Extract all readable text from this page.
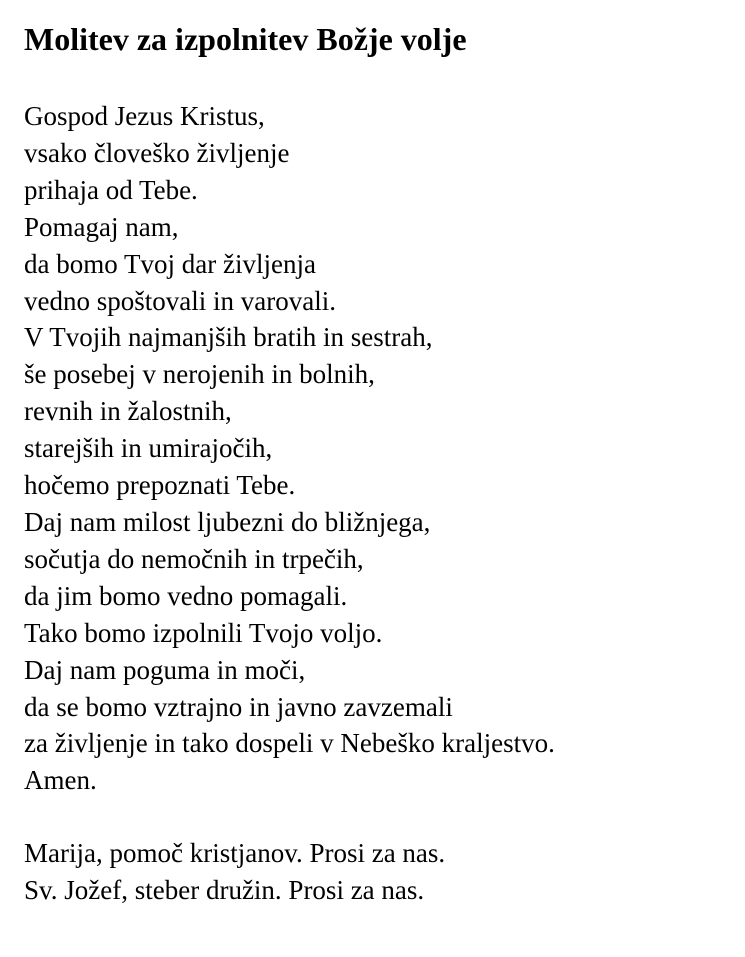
Molitev za izpolnitev Božje volje
Gospod Jezus Kristus,
vsako človeško življenje
prihaja od Tebe.
Pomagaj nam,
da bomo Tvoj dar življenja
vedno spoštovali in varovali.
V Tvojih najmanjših bratih in sestrah,
še posebej v nerojenih in bolnih,
revnih in žalostnih,
starejših in umirajočih,
hočemo prepoznati Tebe.
Daj nam milost ljubezni do bližnjega,
sočutja do nemočnih in trpečih,
da jim bomo vedno pomagali.
Tako bomo izpolnili Tvojo voljo.
Daj nam poguma in moči,
da se bomo vztrajno in javno zavzemali
za življenje in tako dospeli v Nebeško kraljestvo.
Amen.
Marija, pomoč kristjanov. Prosi za nas.
Sv. Jožef, steber družin. Prosi za nas.
